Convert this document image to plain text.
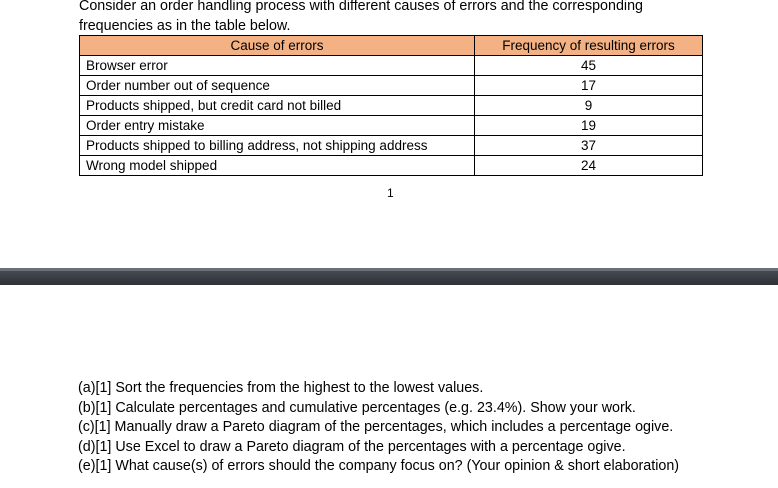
Consider an order handling process with different causes of errors and the corresponding
frequencies as in the table below.

Cause of errors	Frequency of resulting errors
Browser error	45
Order number out of sequence	17
Products shipped, but credit card not billed	9
Order entry mistake	19
Products shipped to billing address, not shipping address	37
Wrong model shipped	24
1
(a)[1] Sort the frequencies from the highest to the lowest values.
(b)[1] Calculate percentages and cumulative percentages (e.g. 23.4%). Show your work.
(c)[1] Manually draw a Pareto diagram of the percentages, which includes a percentage ogive.
(d)[1] Use Excel to draw a Pareto diagram of the percentages with a percentage ogive.
(e)[1] What cause(s) of errors should the company focus on? (Your opinion & short elaboration)
